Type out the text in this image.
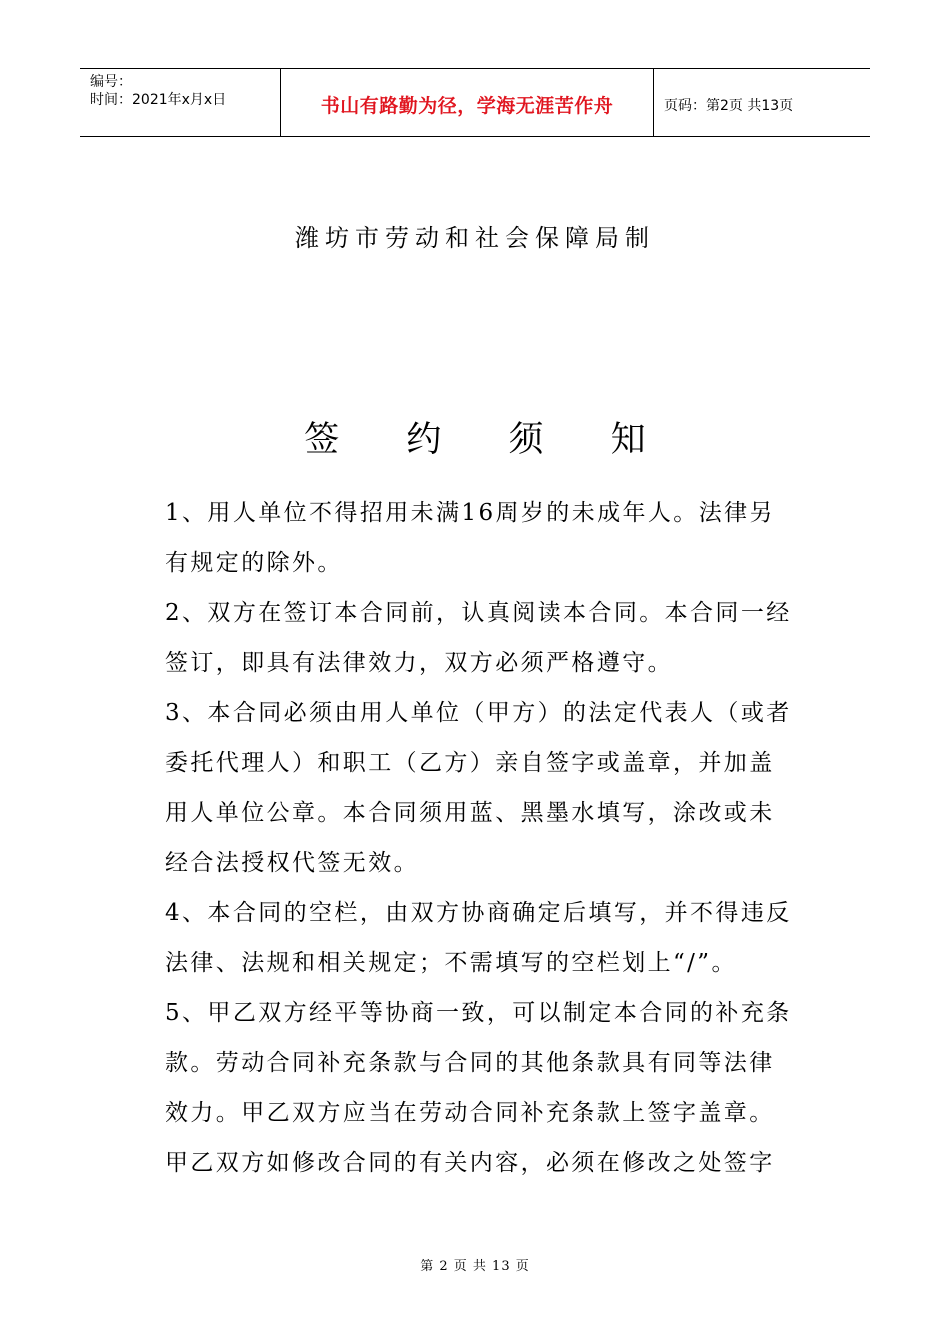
编号：
时间：2021年x月x日	书山有路勤为径，学海无涯苦作舟	页码：第2页 共13页
潍坊市劳动和社会保障局制
签 约 须 知

1、用人单位不得招用未满16周岁的未成年人。法律另有规定的除外。

2、双方在签订本合同前，认真阅读本合同。本合同一经签订，即具有法律效力，双方必须严格遵守。

3、本合同必须由用人单位（甲方）的法定代表人（或者委托代理人）和职工（乙方）亲自签字或盖章，并加盖用人单位公章。本合同须用蓝、黑墨水填写，涂改或未经合法授权代签无效。

4、本合同的空栏，由双方协商确定后填写，并不得违反法律、法规和相关规定；不需填写的空栏划上“/”。

5、甲乙双方经平等协商一致，可以制定本合同的补充条款。劳动合同补充条款与合同的其他条款具有同等法律效力。甲乙双方应当在劳动合同补充条款上签字盖章。甲乙双方如修改合同的有关内容，必须在修改之处签字

第 2 页 共 13 页
